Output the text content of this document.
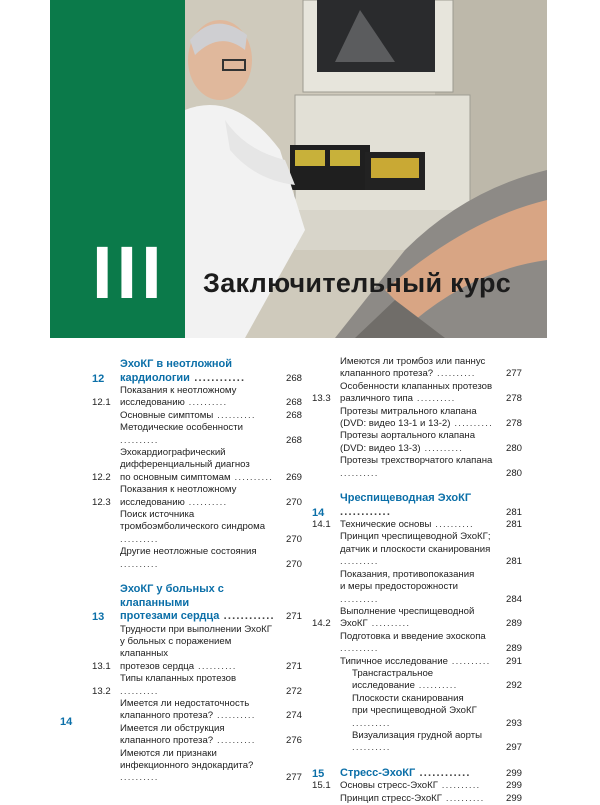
III Заключительный курс
12
ЭхоКГ в неотложной
кардиологии ............	268
12.1
Показания к неотложному
исследованию ..........	268
Основные симптомы ..........	268
Методические особенности ..........	268
12.2
Эхокардиографический
дифференциальный диагноз
по основным симптомам ..........	269
12.3
Показания к неотложному
исследованию ..........	270
Поиск источника
тромбоэмболического синдрома ..........	270
Другие неотложные состояния ..........	270
13
ЭхоКГ у больных с клапанными
протезами сердца ............	271
13.1
Трудности при выполнении ЭхоКГ
у больных с поражением клапанных
протезов сердца ..........	271
13.2
Типы клапанных протезов ..........	272
Имеется ли недостаточность
клапанного протеза? ..........	274
Имеется ли обструкция
клапанного протеза? ..........	276
Имеются ли признаки
инфекционного эндокардита? ..........	277
Имеются ли тромбоз или паннус
клапанного протеза? ..........	277
13.3
Особенности клапанных протезов
различного типа ..........	278
Протезы митрального клапана
(DVD: видео 13-1 и 13-2) ..........	278
Протезы аортального клапана
(DVD: видео 13-3) ..........	280
Протезы трехстворчатого клапана ..........	280
14
Чреспищеводная ЭхоКГ ............	281
14.1 Технические основы ..........	281
Принцип чреспищеводной ЭхоКГ;
датчик и плоскости сканирования ..........	281
Показания, противопоказания
и меры предосторожности ..........	284
14.2
Выполнение чреспищеводной
ЭхоКГ ..........	289
Подготовка и введение эхоскопа ..........	289
Типичное исследование ..........	291
Трансгастральное исследование ..........	292
Плоскости сканирования
при чреспищеводной ЭхоКГ ..........	293
Визуализация грудной аорты ..........	297
15	Стресс-ЭхоКГ ............	299
15.1 Основы стресс-ЭхоКГ ..........	299
Принцип стресс-ЭхоКГ ..........	299
14
